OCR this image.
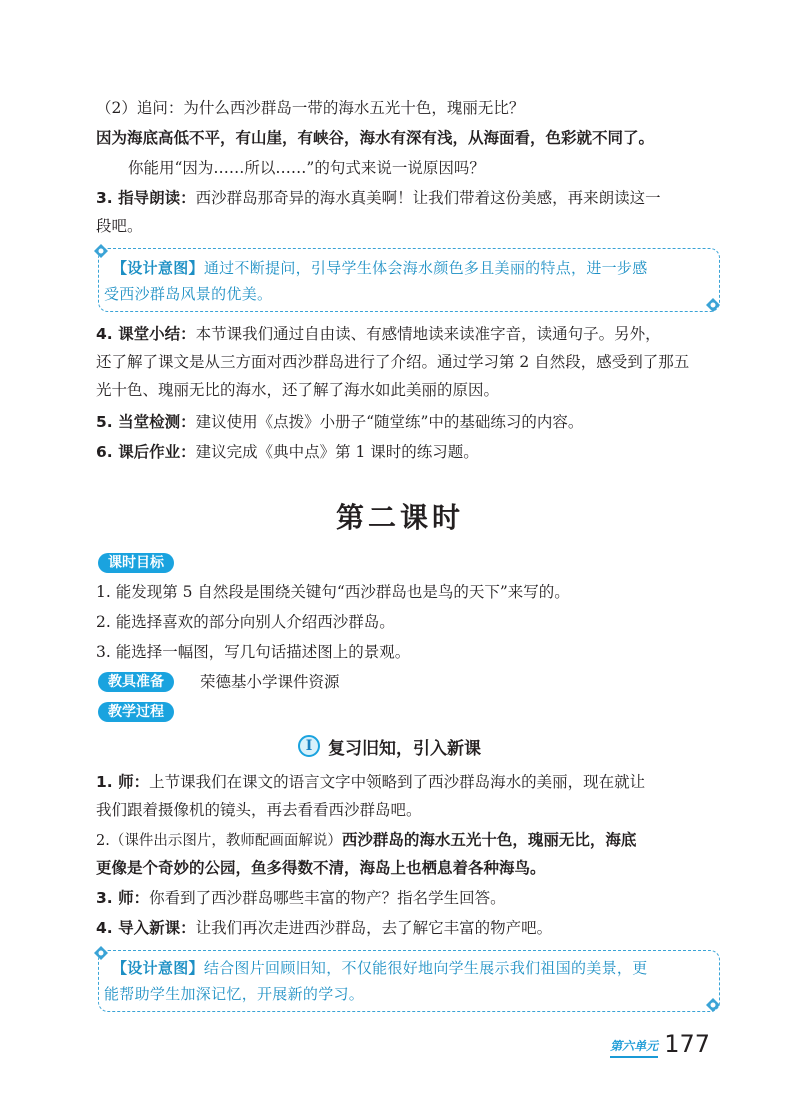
（2）追问：为什么西沙群岛一带的海水五光十色，瑰丽无比？
因为海底高低不平，有山崖，有峡谷，海水有深有浅，从海面看，色彩就不同了。
你能用“因为……所以……”的句式来说一说原因吗？
3. 指导朗读：西沙群岛那奇异的海水真美啊！让我们带着这份美感，再来朗读这一
段吧。
【设计意图】通过不断提问，引导学生体会海水颜色多且美丽的特点，进一步感
受西沙群岛风景的优美。
4. 课堂小结：本节课我们通过自由读、有感情地读来读准字音，读通句子。另外，
还了解了课文是从三方面对西沙群岛进行了介绍。通过学习第 2 自然段，感受到了那五
光十色、瑰丽无比的海水，还了解了海水如此美丽的原因。
5. 当堂检测：建议使用《点拨》小册子“随堂练”中的基础练习的内容。
6. 课后作业：建议完成《典中点》第 1 课时的练习题。
第二课时
课时目标
1. 能发现第 5 自然段是围绕关键句“西沙群岛也是鸟的天下”来写的。
2. 能选择喜欢的部分向别人介绍西沙群岛。
3. 能选择一幅图，写几句话描述图上的景观。
教具准备	荣德基小学课件资源
教学过程
I 复习旧知，引入新课
1. 师：上节课我们在课文的语言文字中领略到了西沙群岛海水的美丽，现在就让
我们跟着摄像机的镜头，再去看看西沙群岛吧。
2.（课件出示图片，教师配画面解说）西沙群岛的海水五光十色，瑰丽无比，海底
更像是个奇妙的公园，鱼多得数不清，海岛上也栖息着各种海鸟。
3. 师：你看到了西沙群岛哪些丰富的物产？指名学生回答。
4. 导入新课：让我们再次走进西沙群岛，去了解它丰富的物产吧。
【设计意图】结合图片回顾旧知，不仅能很好地向学生展示我们祖国的美景，更
能帮助学生加深记忆，开展新的学习。
第六单元 177
